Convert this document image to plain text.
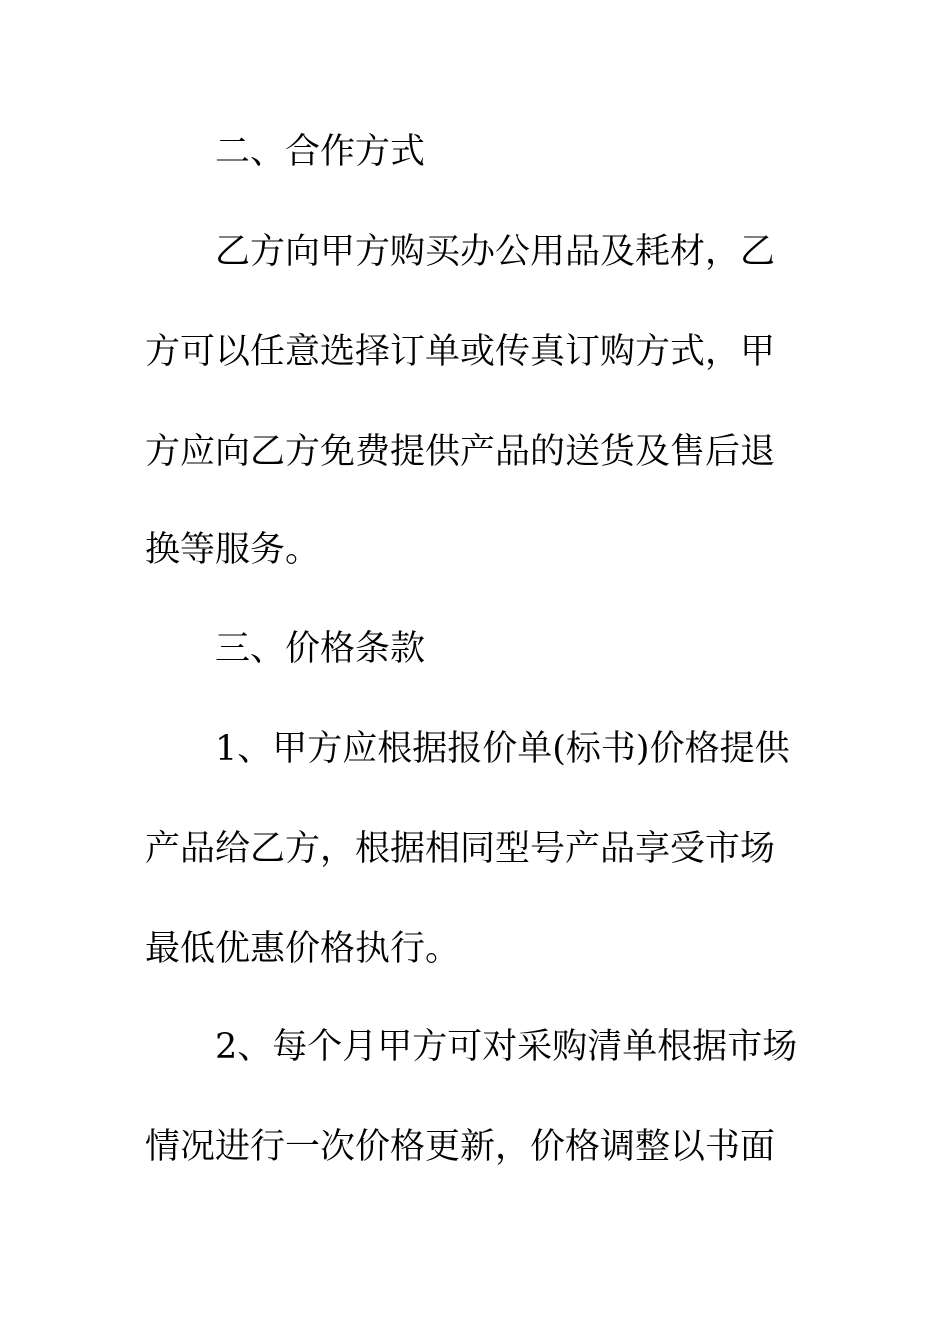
二、合作方式
乙方向甲方购买办公用品及耗材，乙
方可以任意选择订单或传真订购方式，甲
方应向乙方免费提供产品的送货及售后退
换等服务。
三、价格条款
1、甲方应根据报价单(标书)价格提供
产品给乙方，根据相同型号产品享受市场
最低优惠价格执行。
2、每个月甲方可对采购清单根据市场
情况进行一次价格更新，价格调整以书面
